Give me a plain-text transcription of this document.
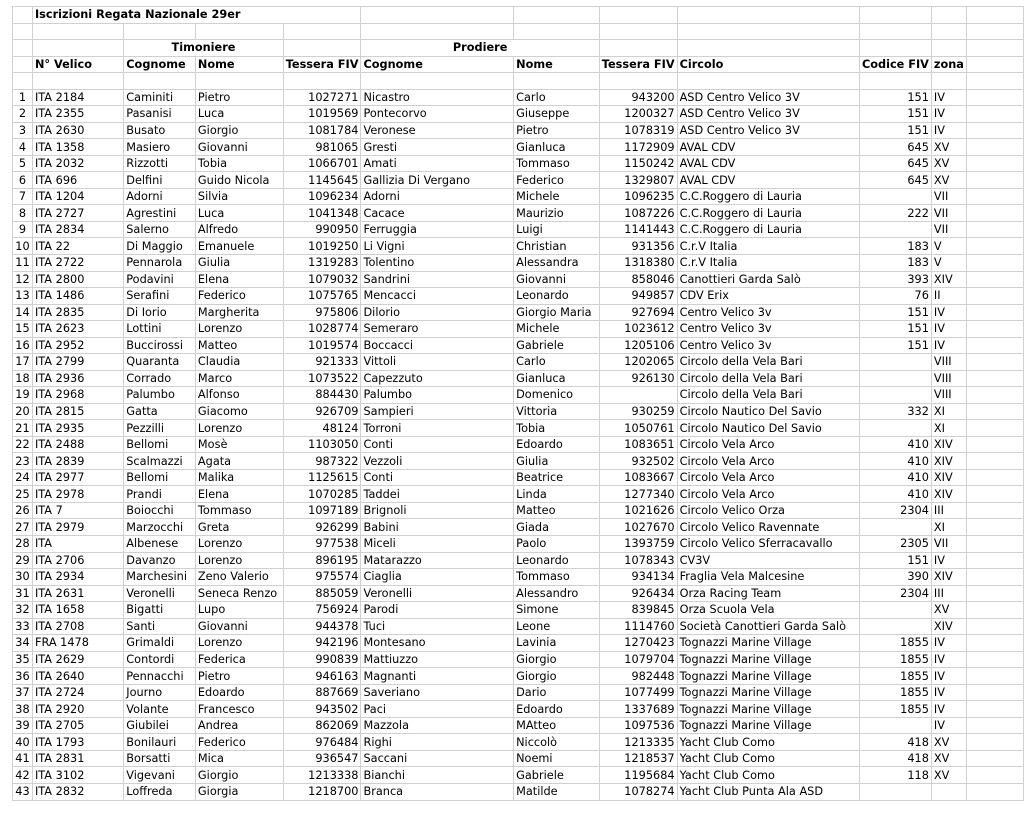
	Iscrizioni Regata Nazionale 29er										

		Timoniere			Prodiere						
	N° Velico	Cognome	Nome	Tessera FIV	Cognome	Nome	Tessera FIV	Circolo	Codice FIV	zona	

1	ITA 2184	Caminiti	Pietro	1027271	Nicastro	Carlo	943200	ASD Centro Velico 3V	151	IV	
2	ITA 2355	Pasanisi	Luca	1019569	Pontecorvo	Giuseppe	1200327	ASD Centro Velico 3V	151	IV	
3	ITA 2630	Busato	Giorgio	1081784	Veronese	Pietro	1078319	ASD Centro Velico 3V	151	IV	
4	ITA 1358	Masiero	Giovanni	981065	Gresti	Gianluca	1172909	AVAL CDV	645	XV	
5	ITA 2032	Rizzotti	Tobia	1066701	Amati	Tommaso	1150242	AVAL CDV	645	XV	
6	ITA 696	Delfini	Guido Nicola	1145645	Gallizia Di Vergano	Federico	1329807	AVAL CDV	645	XV	
7	ITA 1204	Adorni	Silvia	1096234	Adorni	Michele	1096235	C.C.Roggero di Lauria		VII	
8	ITA 2727	Agrestini	Luca	1041348	Cacace	Maurizio	1087226	C.C.Roggero di Lauria	222	VII	
9	ITA 2834	Salerno	Alfredo	990950	Ferruggia	Luigi	1141443	C.C.Roggero di Lauria		VII	
10	ITA 22	Di Maggio	Emanuele	1019250	Li Vigni	Christian	931356	C.r.V Italia	183	V	
11	ITA 2722	Pennarola	Giulia	1319283	Tolentino	Alessandra	1318380	C.r.V Italia	183	V	
12	ITA 2800	Podavini	Elena	1079032	Sandrini	Giovanni	858046	Canottieri Garda Salò	393	XIV	
13	ITA 1486	Serafini	Federico	1075765	Mencacci	Leonardo	949857	CDV Erix	76	II	
14	ITA 2835	Di Iorio	Margherita	975806	Dilorio	Giorgio Maria	927694	Centro Velico 3v	151	IV	
15	ITA 2623	Lottini	Lorenzo	1028774	Semeraro	Michele	1023612	Centro Velico 3v	151	IV	
16	ITA 2952	Buccirossi	Matteo	1019574	Boccacci	Gabriele	1205106	Centro Velico 3v	151	IV	
17	ITA 2799	Quaranta	Claudia	921333	Vittoli	Carlo	1202065	Circolo della Vela Bari		VIII	
18	ITA 2936	Corrado	Marco	1073522	Capezzuto	Gianluca	926130	Circolo della Vela Bari		VIII	
19	ITA 2968	Palumbo	Alfonso	884430	Palumbo	Domenico		Circolo della Vela Bari		VIII	
20	ITA 2815	Gatta	Giacomo	926709	Sampieri	Vittoria	930259	Circolo Nautico Del Savio	332	XI	
21	ITA 2935	Pezzilli	Lorenzo	48124	Torroni	Tobia	1050761	Circolo Nautico Del Savio		XI	
22	ITA 2488	Bellomi	Mosè	1103050	Conti	Edoardo	1083651	Circolo Vela Arco	410	XIV	
23	ITA 2839	Scalmazzi	Agata	987322	Vezzoli	Giulia	932502	Circolo Vela Arco	410	XIV	
24	ITA 2977	Bellomi	Malika	1125615	Conti	Beatrice	1083667	Circolo Vela Arco	410	XIV	
25	ITA 2978	Prandi	Elena	1070285	Taddei	Linda	1277340	Circolo Vela Arco	410	XIV	
26	ITA 7	Boiocchi	Tommaso	1097189	Brignoli	Matteo	1021626	Circolo Velico Orza	2304	III	
27	ITA 2979	Marzocchi	Greta	926299	Babini	Giada	1027670	Circolo Velico Ravennate		XI	
28	ITA	Albenese	Lorenzo	977538	Miceli	Paolo	1393759	Circolo Velico Sferracavallo	2305	VII	
29	ITA 2706	Davanzo	Lorenzo	896195	Matarazzo	Leonardo	1078343	CV3V	151	IV	
30	ITA 2934	Marchesini	Zeno Valerio	975574	Ciaglia	Tommaso	934134	Fraglia Vela Malcesine	390	XIV	
31	ITA 2631	Veronelli	Seneca Renzo	885059	Veronelli	Alessandro	926434	Orza Racing Team	2304	III	
32	ITA 1658	Bigatti	Lupo	756924	Parodi	Simone	839845	Orza Scuola Vela		XV	
33	ITA 2708	Santi	Giovanni	944378	Tuci	Leone	1114760	Società Canottieri Garda Salò		XIV	
34	FRA 1478	Grimaldi	Lorenzo	942196	Montesano	Lavinia	1270423	Tognazzi Marine Village	1855	IV	
35	ITA 2629	Contordi	Federica	990839	Mattiuzzo	Giorgio	1079704	Tognazzi Marine Village	1855	IV	
36	ITA 2640	Pennacchi	Pietro	946163	Magnanti	Giorgio	982448	Tognazzi Marine Village	1855	IV	
37	ITA 2724	Journo	Edoardo	887669	Saveriano	Dario	1077499	Tognazzi Marine Village	1855	IV	
38	ITA 2920	Volante	Francesco	943502	Paci	Edoardo	1337689	Tognazzi Marine Village	1855	IV	
39	ITA 2705	Giubilei	Andrea	862069	Mazzola	MAtteo	1097536	Tognazzi Marine Village		IV	
40	ITA 1793	Bonilauri	Federico	976484	Righi	Niccolò	1213335	Yacht Club Como	418	XV	
41	ITA 2831	Borsatti	Mica	936547	Saccani	Noemi	1218537	Yacht Club Como	418	XV	
42	ITA 3102	Vigevani	Giorgio	1213338	Bianchi	Gabriele	1195684	Yacht Club Como	118	XV	
43	ITA 2832	Loffreda	Giorgia	1218700	Branca	Matilde	1078274	Yacht Club Punta Ala ASD			
